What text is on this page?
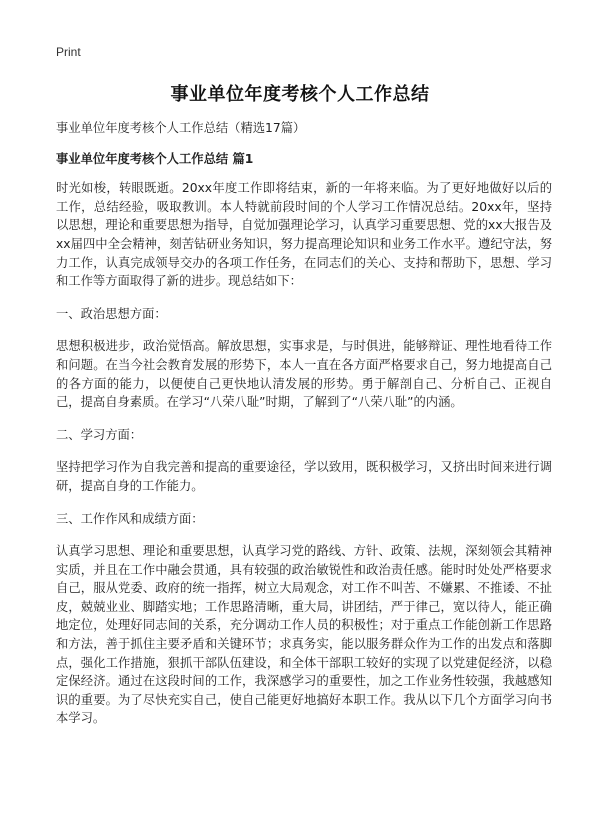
Print
事业单位年度考核个人工作总结

事业单位年度考核个人工作总结（精选17篇）

事业单位年度考核个人工作总结 篇1

时光如梭，转眼既逝。20xx年度工作即将结束，新的一年将来临。为了更好地做好以后的工作，总结经验，吸取教训。本人特就前段时间的个人学习工作情况总结。20xx年，坚持以思想，理论和重要思想为指导，自觉加强理论学习，认真学习重要思想、党的xx大报告及xx届四中全会精神，刻苦钻研业务知识，努力提高理论知识和业务工作水平。遵纪守法，努力工作，认真完成领导交办的各项工作任务，在同志们的关心、支持和帮助下，思想、学习和工作等方面取得了新的进步。现总结如下：

一、政治思想方面：

思想积极进步，政治觉悟高。解放思想，实事求是，与时俱进，能够辩证、理性地看待工作和问题。在当今社会教育发展的形势下，本人一直在各方面严格要求自己，努力地提高自己的各方面的能力，以便使自己更快地认清发展的形势。勇于解剖自己、分析自己、正视自己，提高自身素质。在学习“八荣八耻”时期，了解到了“八荣八耻”的内涵。

二、学习方面：

坚持把学习作为自我完善和提高的重要途径，学以致用，既积极学习，又挤出时间来进行调研，提高自身的工作能力。

三、工作作风和成绩方面：

认真学习思想、理论和重要思想，认真学习党的路线、方针、政策、法规，深刻领会其精神实质，并且在工作中融会贯通，具有较强的政治敏锐性和政治责任感。能时时处处严格要求自己，服从党委、政府的统一指挥，树立大局观念，对工作不叫苦、不嫌累、不推诿、不扯皮，兢兢业业、脚踏实地；工作思路清晰，重大局，讲团结，严于律己，宽以待人，能正确地定位，处理好同志间的关系，充分调动工作人员的积极性；对于重点工作能创新工作思路和方法，善于抓住主要矛盾和关键环节；求真务实，能以服务群众作为工作的出发点和落脚点，强化工作措施，狠抓干部队伍建设，和全体干部职工较好的实现了以党建促经济，以稳定保经济。通过在这段时间的工作，我深感学习的重要性，加之工作业务性较强，我越感知识的重要。为了尽快充实自己，使自己能更好地搞好本职工作。我从以下几个方面学习向书本学习。
